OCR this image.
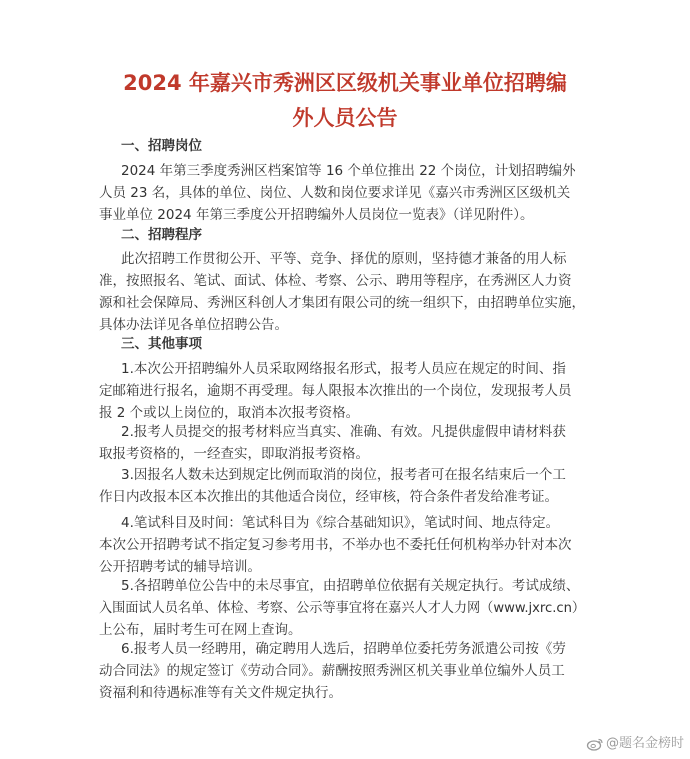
2024 年嘉兴市秀洲区区级机关事业单位招聘编
外人员公告
一、招聘岗位
2024 年第三季度秀洲区档案馆等 16 个单位推出 22 个岗位，计划招聘编外
人员 23 名，具体的单位、岗位、人数和岗位要求详见《嘉兴市秀洲区区级机关
事业单位 2024 年第三季度公开招聘编外人员岗位一览表》（详见附件）。
二、招聘程序
此次招聘工作贯彻公开、平等、竞争、择优的原则，坚持德才兼备的用人标
准，按照报名、笔试、面试、体检、考察、公示、聘用等程序，在秀洲区人力资
源和社会保障局、秀洲区科创人才集团有限公司的统一组织下，由招聘单位实施，
具体办法详见各单位招聘公告。
三、其他事项
1.本次公开招聘编外人员采取网络报名形式，报考人员应在规定的时间、指
定邮箱进行报名，逾期不再受理。每人限报本次推出的一个岗位，发现报考人员
报 2 个或以上岗位的，取消本次报考资格。
2.报考人员提交的报考材料应当真实、准确、有效。凡提供虚假申请材料获
取报考资格的，一经查实，即取消报考资格。
3.因报名人数未达到规定比例而取消的岗位，报考者可在报名结束后一个工
作日内改报本区本次推出的其他适合岗位，经审核，符合条件者发给准考证。
4.笔试科目及时间：笔试科目为《综合基础知识》，笔试时间、地点待定。
本次公开招聘考试不指定复习参考用书，不举办也不委托任何机构举办针对本次
公开招聘考试的辅导培训。
5.各招聘单位公告中的未尽事宜，由招聘单位依据有关规定执行。考试成绩、
入围面试人员名单、体检、考察、公示等事宜将在嘉兴人才人力网（www.jxrc.cn）
上公布，届时考生可在网上查询。
6.报考人员一经聘用，确定聘用人选后，招聘单位委托劳务派遣公司按《劳
动合同法》的规定签订《劳动合同》。薪酬按照秀洲区机关事业单位编外人员工
资福利和待遇标准等有关文件规定执行。
@题名金榜时
